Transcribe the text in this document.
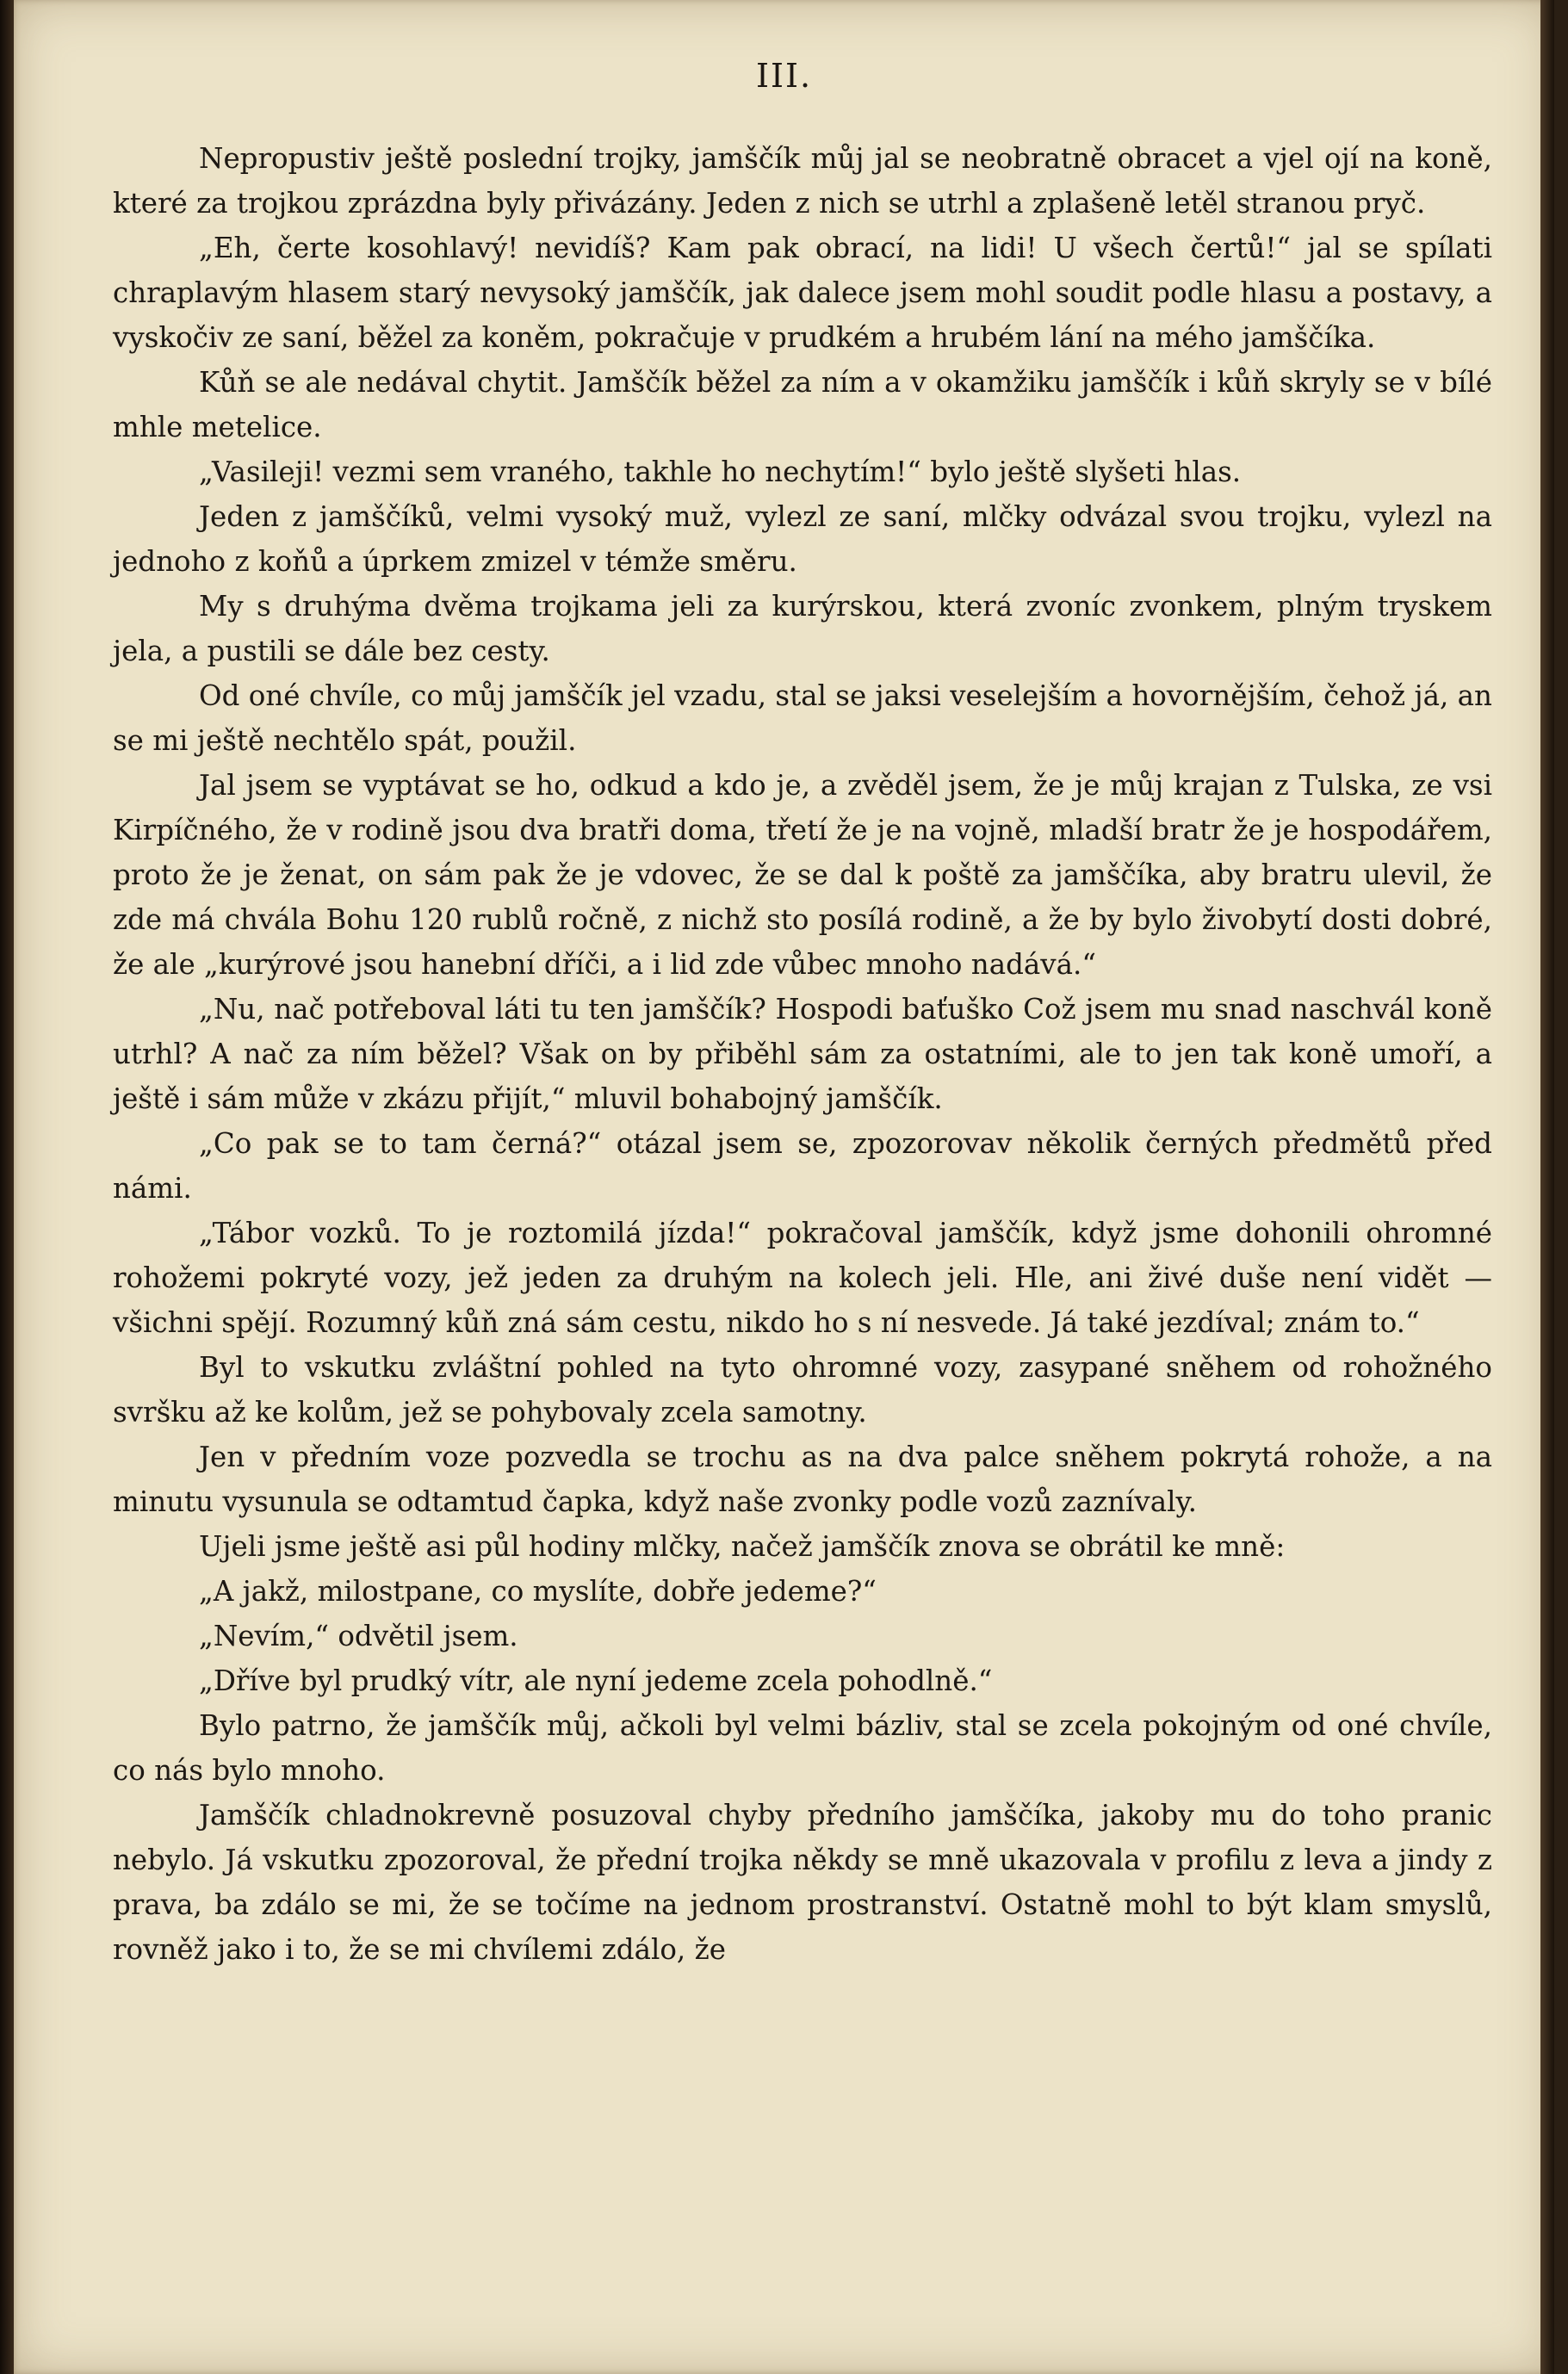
III.

Nepropustiv ještě poslední trojky, jamščík můj jal se neobratně obracet a vjel ojí na koně, které za trojkou zprázdna byly přivázány. Jeden z nich se utrhl a zplašeně letěl stranou pryč.

„Eh, čerte kosohlavý! nevidíš? Kam pak obrací, na lidi! U všech čertů!“ jal se spílati chraplavým hlasem starý nevysoký jamščík, jak dalece jsem mohl soudit podle hlasu a postavy, a vyskočiv ze saní, běžel za koněm, pokračuje v prudkém a hrubém lání na mého jamščíka.

Kůň se ale nedával chytit. Jamščík běžel za ním a v okamžiku jamščík i kůň skryly se v bílé mhle metelice.

„Vasileji! vezmi sem vraného, takhle ho nechytím!“ bylo ještě slyšeti hlas.

Jeden z jamščíků, velmi vysoký muž, vylezl ze saní, mlčky odvázal svou trojku, vylezl na jednoho z koňů a úprkem zmizel v témže směru.

My s druhýma dvěma trojkama jeli za kurýrskou, která zvoníc zvonkem, plným tryskem jela, a pustili se dále bez cesty.

Od oné chvíle, co můj jamščík jel vzadu, stal se jaksi veselejším a hovornějším, čehož já, an se mi ještě nechtělo spát, použil.

Jal jsem se vyptávat se ho, odkud a kdo je, a zvěděl jsem, že je můj krajan z Tulska, ze vsi Kirpíčného, že v rodině jsou dva bratři doma, třetí že je na vojně, mladší bratr že je hospodářem, proto že je ženat, on sám pak že je vdovec, že se dal k poště za jamščíka, aby bratru ulevil, že zde má chvála Bohu 120 rublů ročně, z nichž sto posílá rodině, a že by bylo živobytí dosti dobré, že ale „kurýrové jsou hanební dříči, a i lid zde vůbec mnoho nadává.“

„Nu, nač potřeboval láti tu ten jamščík? Hospodi baťuško Což jsem mu snad naschvál koně utrhl? A nač za ním běžel? Však on by přiběhl sám za ostatními, ale to jen tak koně umoří, a ještě i sám může v zkázu přijít,“ mluvil bohabojný jamščík.

„Co pak se to tam černá?“ otázal jsem se, zpozorovav několik černých předmětů před námi.

„Tábor vozků. To je roztomilá jízda!“ pokračoval jamščík, když jsme dohonili ohromné rohožemi pokryté vozy, jež jeden za druhým na kolech jeli. Hle, ani živé duše není vidět — všichni spějí. Rozumný kůň zná sám cestu, nikdo ho s ní nesvede. Já také jezdíval; znám to.“

Byl to vskutku zvláštní pohled na tyto ohromné vozy, zasypané sněhem od rohožného svršku až ke kolům, jež se pohybovaly zcela samotny.

Jen v předním voze pozvedla se trochu as na dva palce sněhem pokrytá rohože, a na minutu vysunula se odtamtud čapka, když naše zvonky podle vozů zaznívaly.

Ujeli jsme ještě asi půl hodiny mlčky, načež jamščík znova se obrátil ke mně:

„A jakž, milostpane, co myslíte, dobře jedeme?“

„Nevím,“ odvětil jsem.

„Dříve byl prudký vítr, ale nyní jedeme zcela pohodlně.“

Bylo patrno, že jamščík můj, ačkoli byl velmi bázliv, stal se zcela pokojným od oné chvíle, co nás bylo mnoho.

Jamščík chladnokrevně posuzoval chyby předního jamščíka, jakoby mu do toho pranic nebylo. Já vskutku zpozoroval, že přední trojka někdy se mně ukazovala v profilu z leva a jindy z prava, ba zdálo se mi, že se točíme na jednom prostranství. Ostatně mohl to být klam smyslů, rovněž jako i to, že se mi chvílemi zdálo, že
